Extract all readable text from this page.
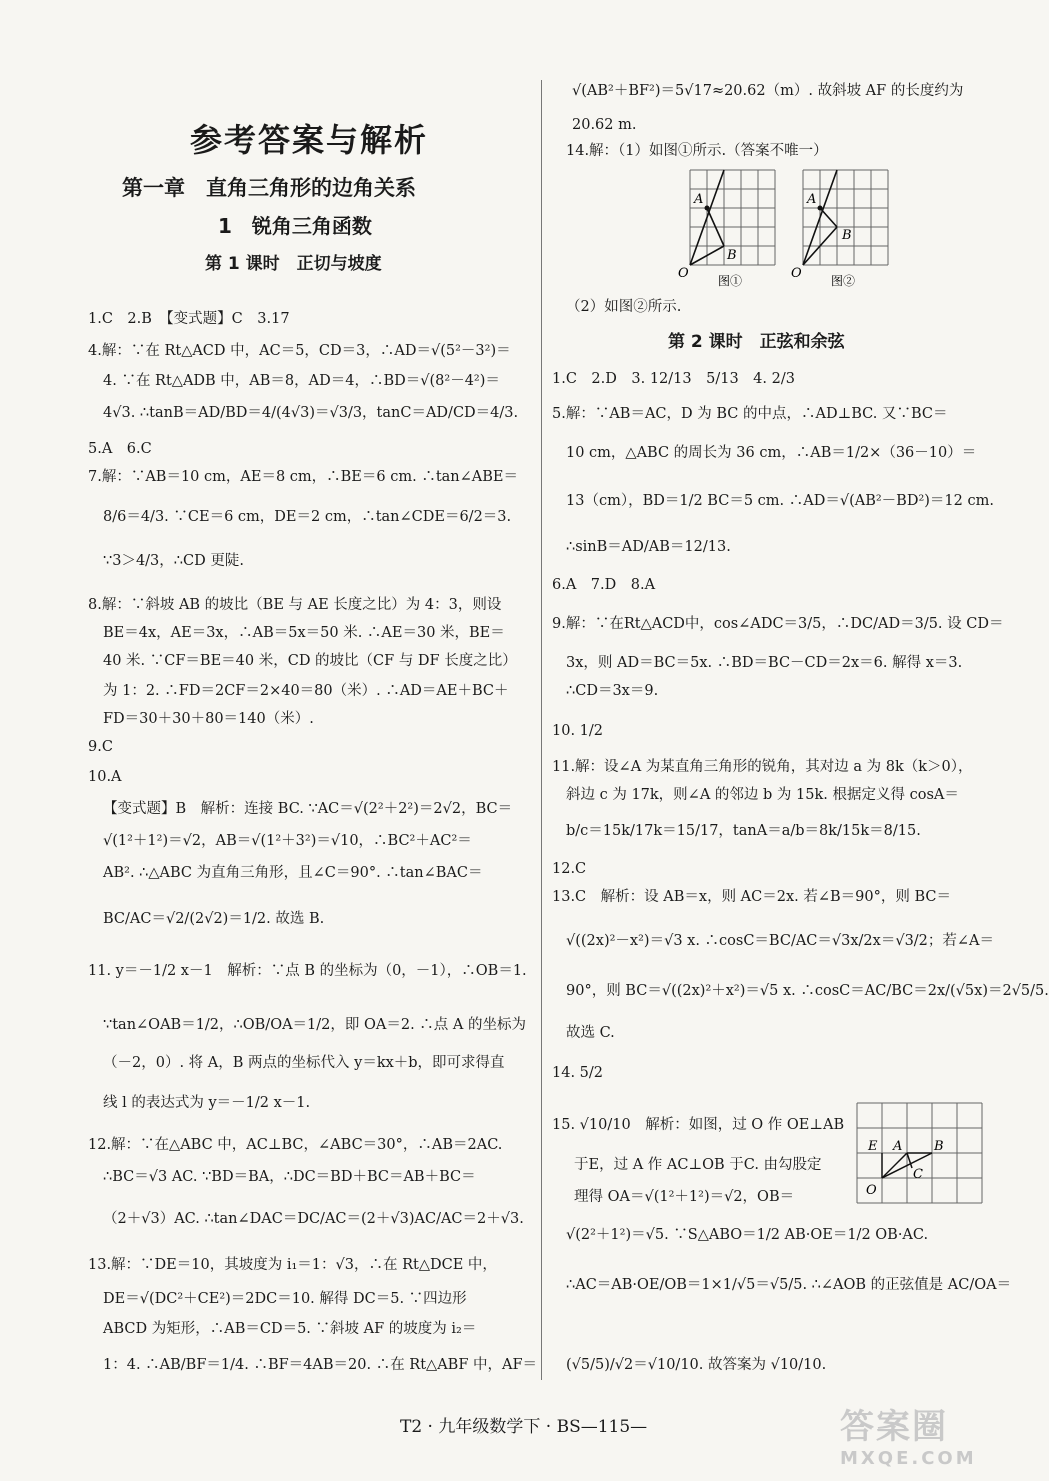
参考答案与解析
第一章　直角三角形的边角关系
1　锐角三角函数
第 1 课时　正切与坡度
1.C　2.B　【变式题】C　3.17
4.解：∵在 Rt△ACD 中，AC＝5，CD＝3，∴AD＝√(5²－3²)＝
4. ∵在 Rt△ADB 中，AB＝8，AD＝4，∴BD＝√(8²－4²)＝
4√3. ∴tanB＝AD/BD＝4/(4√3)＝√3/3，tanC＝AD/CD＝4/3.
5.A　6.C
7.解：∵AB＝10 cm，AE＝8 cm，∴BE＝6 cm. ∴tan∠ABE＝
8/6＝4/3. ∵CE＝6 cm，DE＝2 cm，∴tan∠CDE＝6/2＝3.
∵3＞4/3，∴CD 更陡.
8.解：∵斜坡 AB 的坡比（BE 与 AE 长度之比）为 4：3，则设
BE＝4x，AE＝3x，∴AB＝5x＝50 米. ∴AE＝30 米，BE＝
40 米. ∵CF＝BE＝40 米，CD 的坡比（CF 与 DF 长度之比）
为 1：2. ∴FD＝2CF＝2×40＝80（米）. ∴AD＝AE＋BC＋
FD＝30＋30＋80＝140（米）.
9.C
10.A
【变式题】B　解析：连接 BC. ∵AC＝√(2²＋2²)＝2√2，BC＝
√(1²＋1²)＝√2，AB＝√(1²＋3²)＝√10，∴BC²＋AC²＝
AB². ∴△ABC 为直角三角形，且∠C＝90°. ∴tan∠BAC＝
BC/AC＝√2/(2√2)＝1/2. 故选 B.
11. y＝－1/2 x－1　解析：∵点 B 的坐标为（0，－1），∴OB＝1.
∵tan∠OAB＝1/2，∴OB/OA＝1/2，即 OA＝2. ∴点 A 的坐标为
（－2，0）. 将 A，B 两点的坐标代入 y＝kx＋b，即可求得直
线 l 的表达式为 y＝－1/2 x－1.
12.解：∵在△ABC 中，AC⊥BC，∠ABC＝30°，∴AB＝2AC.
∴BC＝√3 AC. ∵BD＝BA，∴DC＝BD＋BC＝AB＋BC＝
（2＋√3）AC. ∴tan∠DAC＝DC/AC＝(2＋√3)AC/AC＝2＋√3.
13.解：∵DE＝10，其坡度为 i₁＝1：√3，∴在 Rt△DCE 中，
DE＝√(DC²＋CE²)＝2DC＝10. 解得 DC＝5. ∵四边形
ABCD 为矩形，∴AB＝CD＝5. ∵斜坡 AF 的坡度为 i₂＝
1：4. ∴AB/BF＝1/4. ∴BF＝4AB＝20. ∴在 Rt△ABF 中，AF＝
√(AB²＋BF²)＝5√17≈20.62（m）. 故斜坡 AF 的长度约为
20.62 m.
14.解：（1）如图①所示.（答案不唯一）
A
B
O 图①
A
B
O 图②
（2）如图②所示.
第 2 课时　正弦和余弦
1.C　2.D　3. 12/13　5/13　4. 2/3
5.解：∵AB＝AC，D 为 BC 的中点，∴AD⊥BC. 又∵BC＝
10 cm，△ABC 的周长为 36 cm，∴AB＝1/2×（36－10）＝
13（cm），BD＝1/2 BC＝5 cm. ∴AD＝√(AB²－BD²)＝12 cm.
∴sinB＝AD/AB＝12/13.
6.A　7.D　8.A
9.解：∵在Rt△ACD中，cos∠ADC＝3/5，∴DC/AD＝3/5. 设 CD＝
3x，则 AD＝BC＝5x. ∴BD＝BC－CD＝2x＝6. 解得 x＝3.
∴CD＝3x＝9.
10. 1/2
11.解：设∠A 为某直角三角形的锐角，其对边 a 为 8k（k＞0），
斜边 c 为 17k，则∠A 的邻边 b 为 15k. 根据定义得 cosA＝
b/c＝15k/17k＝15/17，tanA＝a/b＝8k/15k＝8/15.
12.C
13.C　解析：设 AB＝x，则 AC＝2x. 若∠B＝90°，则 BC＝
√((2x)²－x²)＝√3 x. ∴cosC＝BC/AC＝√3x/2x＝√3/2；若∠A＝
90°，则 BC＝√((2x)²＋x²)＝√5 x. ∴cosC＝AC/BC＝2x/(√5x)＝2√5/5.
故选 C.
14. 5/2
15. √10/10　解析：如图，过 O 作 OE⊥AB
于E，过 A 作 AC⊥OB 于C. 由勾股定
理得 OA＝√(1²＋1²)＝√2，OB＝
E A B
C
O
√(2²＋1²)＝√5. ∵S△ABO＝1/2 AB·OE＝1/2 OB·AC.
∴AC＝AB·OE/OB＝1×1/√5＝√5/5. ∴∠AOB 的正弦值是 AC/OA＝
(√5/5)/√2＝√10/10. 故答案为 √10/10.
T2 · 九年级数学下 · BS—115—	答案圈
MXQE.COM
